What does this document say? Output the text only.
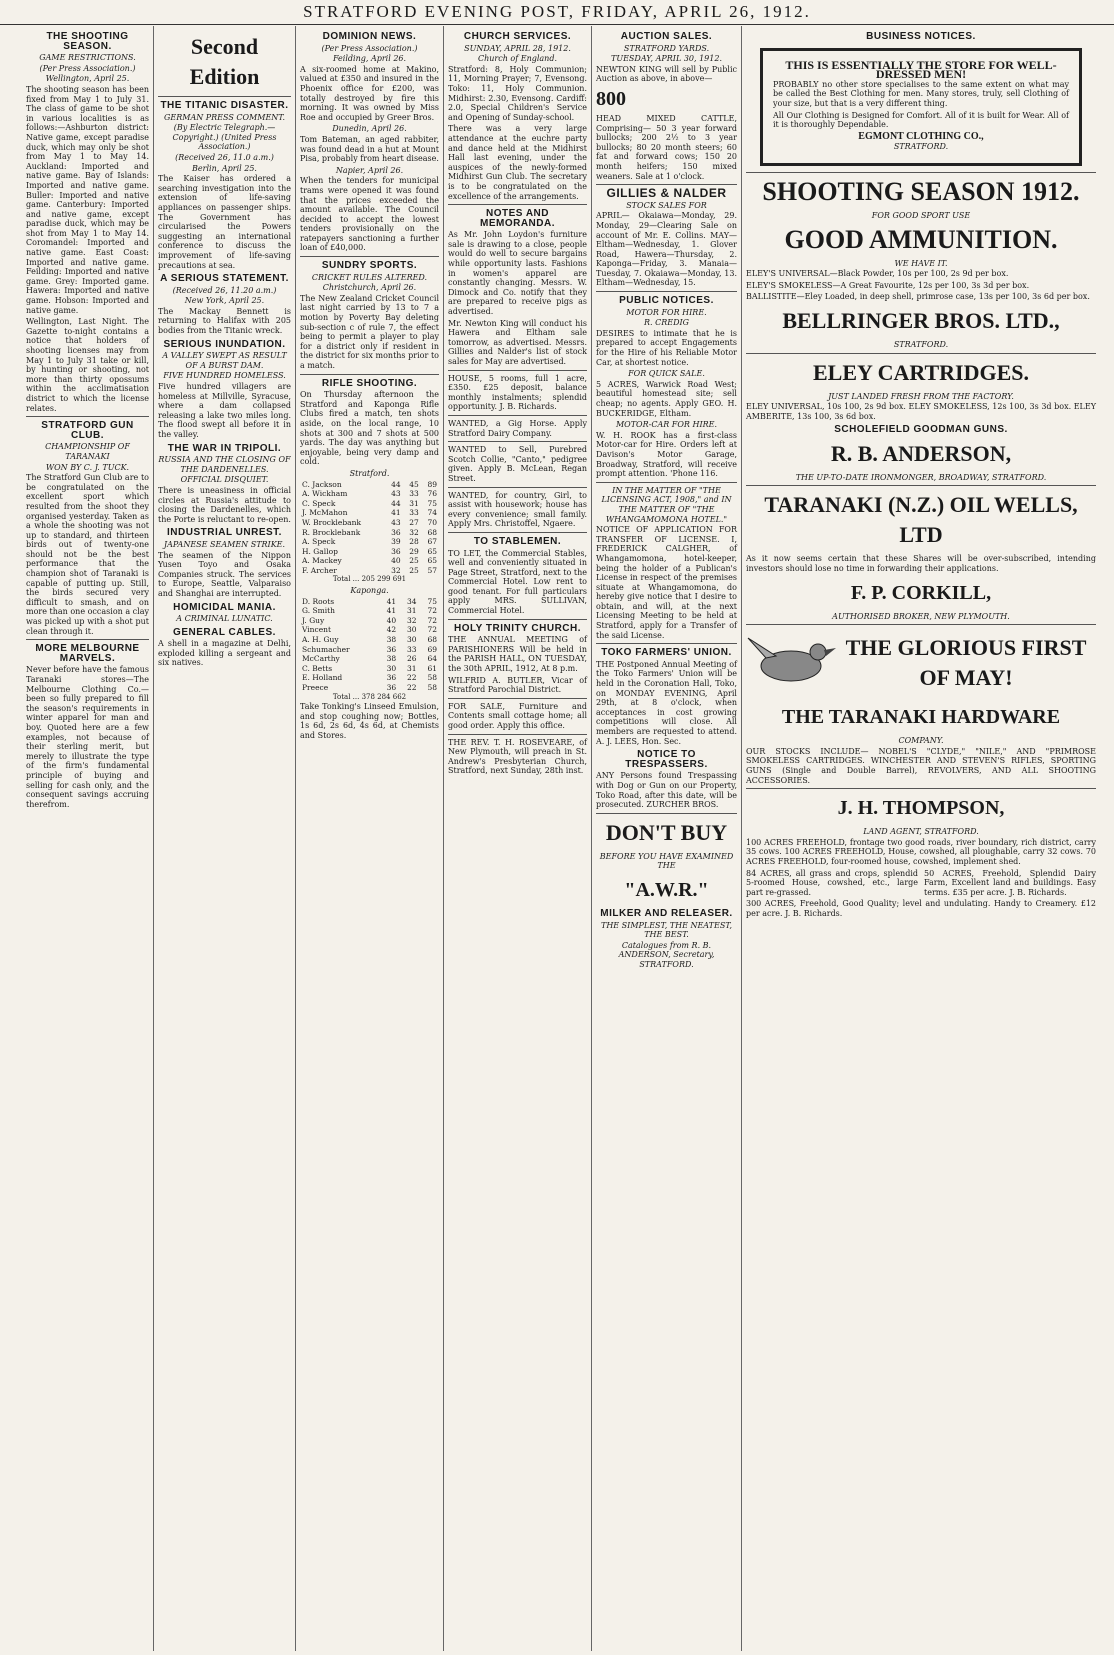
STRATFORD EVENING POST, FRIDAY, APRIL 26, 1912.
THE SHOOTING SEASON.
GAME RESTRICTIONS.
(Per Press Association.)
Wellington, April 25.

The shooting season has been fixed from May 1 to July 31. The class of game to be shot in various localities is as follows:—Ashburton district: Native game, except paradise duck, which may only be shot from May 1 to May 14. Auckland: Imported and native game. Bay of Islands: Imported and native game. Buller: Imported and native game. Canterbury: Imported and native game, except paradise duck, which may be shot from May 1 to May 14. Coromandel: Imported and native game. East Coast: Imported and native game. Feilding: Imported and native game. Grey: Imported game. Hawera: Imported and native game. Hobson: Imported and native game.

Wellington, Last Night. The Gazette to-night contains a notice that holders of shooting licenses may from May 1 to July 31 take or kill, by hunting or shooting, not more than thirty opossums within the acclimatisation district to which the license relates.

STRATFORD GUN CLUB.
CHAMPIONSHIP OF TARANAKI
WON BY C. J. TUCK.

The Stratford Gun Club are to be congratulated on the excellent sport which resulted from the shoot they organised yesterday. Taken as a whole the shooting was not up to standard, and thirteen birds out of twenty-one should not be the best performance that the champion shot of Taranaki is capable of putting up. Still, the birds secured very difficult to smash, and on more than one occasion a clay was picked up with a shot put clean through it.

MORE MELBOURNE MARVELS.

Never before have the famous Taranaki stores—The Melbourne Clothing Co.—been so fully prepared to fill the season's requirements in winter apparel for man and boy. Quoted here are a few examples, not because of their sterling merit, but merely to illustrate the type of the firm's fundamental principle of buying and selling for cash only, and the consequent savings accruing therefrom.

Second Edition
THE TITANIC DISASTER.
GERMAN PRESS COMMENT.
(By Electric Telegraph.—Copyright.) (United Press Association.)
(Received 26, 11.0 a.m.)
Berlin, April 25.

The Kaiser has ordered a searching investigation into the extension of life-saving appliances on passenger ships. The Government has circularised the Powers suggesting an international conference to discuss the improvement of life-saving precautions at sea.

A SERIOUS STATEMENT.
(Received 26, 11.20 a.m.)
New York, April 25.

The Mackay Bennett is returning to Halifax with 205 bodies from the Titanic wreck.

SERIOUS INUNDATION.
A VALLEY SWEPT AS RESULT OF A BURST DAM.
FIVE HUNDRED HOMELESS.

Five hundred villagers are homeless at Millville, Syracuse, where a dam collapsed releasing a lake two miles long. The flood swept all before it in the valley.

THE WAR IN TRIPOLI.
RUSSIA AND THE CLOSING OF THE DARDENELLES.
OFFICIAL DISQUIET.

There is uneasiness in official circles at Russia's attitude to closing the Dardenelles, which the Porte is reluctant to re-open.

INDUSTRIAL UNREST.
JAPANESE SEAMEN STRIKE.

The seamen of the Nippon Yusen Toyo and Osaka Companies struck. The services to Europe, Seattle, Valparaiso and Shanghai are interrupted.

HOMICIDAL MANIA.
A CRIMINAL LUNATIC.
GENERAL CABLES.

A shell in a magazine at Delhi, exploded killing a sergeant and six natives.

DOMINION NEWS.
(Per Press Association.)
Feilding, April 26.

A six-roomed home at Makino, valued at £350 and insured in the Phoenix office for £200, was totally destroyed by fire this morning. It was owned by Miss Roe and occupied by Greer Bros.

Dunedin, April 26.

Tom Bateman, an aged rabbiter, was found dead in a hut at Mount Pisa, probably from heart disease.

Napier, April 26.

When the tenders for municipal trams were opened it was found that the prices exceeded the amount available. The Council decided to accept the lowest tenders provisionally on the ratepayers sanctioning a further loan of £40,000.

SUNDRY SPORTS.
CRICKET RULES ALTERED.
Christchurch, April 26.

The New Zealand Cricket Council last night carried by 13 to 7 a motion by Poverty Bay deleting sub-section c of rule 7, the effect being to permit a player to play for a district only if resident in the district for six months prior to a match.

RIFLE SHOOTING.

On Thursday afternoon the Stratford and Kaponga Rifle Clubs fired a match, ten shots aside, on the local range, 10 shots at 300 and 7 shots at 500 yards. The day was anything but enjoyable, being very damp and cold.

Stratford.
C. Jackson	44	45	89
A. Wickham	43	33	76
C. Speck	44	31	75
J. McMahon	41	33	74
W. Brocklebank	43	27	70
R. Brocklebank	36	32	68
A. Speck	39	28	67
H. Gallop	36	29	65
A. Mackey	40	25	65
F. Archer	32	25	57
Total ... 205 299 691
Kaponga.
D. Roots	41	34	75
G. Smith	41	31	72
J. Guy	40	32	72
Vincent	42	30	72
A. H. Guy	38	30	68
Schumacher	36	33	69
McCarthy	38	26	64
C. Betts	30	31	61
E. Holland	36	22	58
Preece	36	22	58
Total ... 378 284 662

Take Tonking's Linseed Emulsion, and stop coughing now; Bottles, 1s 6d, 2s 6d, 4s 6d, at Chemists and Stores.

CHURCH SERVICES.
SUNDAY, APRIL 28, 1912.
Church of England.

Stratford: 8, Holy Communion; 11, Morning Prayer; 7, Evensong. Toko: 11, Holy Communion. Midhirst: 2.30, Evensong. Cardiff: 2.0, Special Children's Service and Opening of Sunday-school.

There was a very large attendance at the euchre party and dance held at the Midhirst Hall last evening, under the auspices of the newly-formed Midhirst Gun Club. The secretary is to be congratulated on the excellence of the arrangements.

NOTES AND MEMORANDA.

As Mr. John Loydon's furniture sale is drawing to a close, people would do well to secure bargains while opportunity lasts. Fashions in women's apparel are constantly changing. Messrs. W. Dimock and Co. notify that they are prepared to receive pigs as advertised.

Mr. Newton King will conduct his Hawera and Eltham sale tomorrow, as advertised. Messrs. Gillies and Nalder's list of stock sales for May are advertised.

HOUSE, 5 rooms, full 1 acre, £350. £25 deposit, balance monthly instalments; splendid opportunity. J. B. Richards.

WANTED, a Gig Horse. Apply Stratford Dairy Company.

WANTED to Sell, Purebred Scotch Collie, "Canto," pedigree given. Apply B. McLean, Regan Street.

WANTED, for country, Girl, to assist with housework; house has every convenience; small family. Apply Mrs. Christoffel, Ngaere.

TO STABLEMEN.

TO LET, the Commercial Stables, well and conveniently situated in Page Street, Stratford, next to the Commercial Hotel. Low rent to good tenant. For full particulars apply MRS. SULLIVAN, Commercial Hotel.

HOLY TRINITY CHURCH.

THE ANNUAL MEETING of PARISHIONERS Will be held in the PARISH HALL, ON TUESDAY, the 30th APRIL, 1912, At 8 p.m.

WILFRID A. BUTLER, Vicar of Stratford Parochial District.

FOR SALE, Furniture and Contents small cottage home; all good order. Apply this office.

THE REV. T. H. ROSEVEARE, of New Plymouth, will preach in St. Andrew's Presbyterian Church, Stratford, next Sunday, 28th inst.

AUCTION SALES.
STRATFORD YARDS.
TUESDAY, APRIL 30, 1912.

NEWTON KING will sell by Public Auction as above, in above—

800

HEAD MIXED CATTLE, Comprising— 50 3 year forward bullocks; 200 2½ to 3 year bullocks; 80 20 month steers; 60 fat and forward cows; 150 20 month heifers; 150 mixed weaners. Sale at 1 o'clock.

GILLIES & NALDER
STOCK SALES FOR

APRIL— Okaiawa—Monday, 29. Monday, 29—Clearing Sale on account of Mr. E. Collins. MAY— Eltham—Wednesday, 1. Glover Road, Hawera—Thursday, 2. Kaponga—Friday, 3. Manaia—Tuesday, 7. Okaiawa—Monday, 13. Eltham—Wednesday, 15.

PUBLIC NOTICES.
MOTOR FOR HIRE.
R. CREDIG

DESIRES to intimate that he is prepared to accept Engagements for the Hire of his Reliable Motor Car, at shortest notice.

FOR QUICK SALE.

5 ACRES, Warwick Road West; beautiful homestead site; sell cheap; no agents. Apply GEO. H. BUCKERIDGE, Eltham.

MOTOR-CAR FOR HIRE.

W. H. ROOK has a first-class Motor-car for Hire. Orders left at Davison's Motor Garage, Broadway, Stratford, will receive prompt attention. 'Phone 116.

IN THE MATTER OF "THE LICENSING ACT, 1908," and IN THE MATTER OF "THE WHANGAMOMONA HOTEL."

NOTICE OF APPLICATION FOR TRANSFER OF LICENSE. I, FREDERICK CALGHER, of Whangamomona, hotel-keeper, being the holder of a Publican's License in respect of the premises situate at Whangamomona, do hereby give notice that I desire to obtain, and will, at the next Licensing Meeting to be held at Stratford, apply for a Transfer of the said License.

TOKO FARMERS' UNION.

THE Postponed Annual Meeting of the Toko Farmers' Union will be held in the Coronation Hall, Toko, on MONDAY EVENING, April 29th, at 8 o'clock, when acceptances in cost growing competitions will close. All members are requested to attend. A. J. LEES, Hon. Sec.

NOTICE TO TRESPASSERS.

ANY Persons found Trespassing with Dog or Gun on our Property, Toko Road, after this date, will be prosecuted. ZURCHER BROS.

DON'T BUY
BEFORE YOU HAVE EXAMINED THE
"A.W.R."
MILKER AND RELEASER.
THE SIMPLEST, THE NEATEST, THE BEST.
Catalogues from R. B. ANDERSON, Secretary, STRATFORD.
BUSINESS NOTICES.
THIS IS ESSENTIALLY THE STORE FOR WELL-DRESSED MEN!

PROBABLY no other store specialises to the same extent on what may be called the Best Clothing for men. Many stores, truly, sell Clothing of your size, but that is a very different thing.

All Our Clothing is Designed for Comfort. All of it is built for Wear. All of it is thoroughly Dependable.

EGMONT CLOTHING CO.,
STRATFORD.
SHOOTING SEASON 1912.
FOR GOOD SPORT USE
GOOD AMMUNITION.
WE HAVE IT.

ELEY'S UNIVERSAL—Black Powder, 10s per 100, 2s 9d per box.

ELEY'S SMOKELESS—A Great Favourite, 12s per 100, 3s 3d per box.

BALLISTITE—Eley Loaded, in deep shell, primrose case, 13s per 100, 3s 6d per box.

BELLRINGER BROS. LTD.,
STRATFORD.
ELEY CARTRIDGES.
JUST LANDED FRESH FROM THE FACTORY.

ELEY UNIVERSAL, 10s 100, 2s 9d box. ELEY SMOKELESS, 12s 100, 3s 3d box. ELEY AMBERITE, 13s 100, 3s 6d box.

SCHOLEFIELD GOODMAN GUNS.
R. B. ANDERSON,
THE UP-TO-DATE IRONMONGER, BROADWAY, STRATFORD.
TARANAKI (N.Z.) OIL WELLS, LTD

As it now seems certain that these Shares will be over-subscribed, intending investors should lose no time in forwarding their applications.

F. P. CORKILL,
AUTHORISED BROKER, NEW PLYMOUTH.
THE GLORIOUS FIRST OF MAY!
THE TARANAKI HARDWARE
COMPANY.

OUR STOCKS INCLUDE— NOBEL'S "CLYDE," "NILE," AND "PRIMROSE SMOKELESS CARTRIDGES. WINCHESTER AND STEVEN'S RIFLES, SPORTING GUNS (Single and Double Barrel), REVOLVERS, AND ALL SHOOTING ACCESSORIES.

J. H. THOMPSON,
LAND AGENT, STRATFORD.

100 ACRES FREEHOLD, frontage two good roads, river boundary, rich district, carry 35 cows. 100 ACRES FREEHOLD, House, cowshed, all ploughable, carry 32 cows. 70 ACRES FREEHOLD, four-roomed house, cowshed, implement shed.

84 ACRES, all grass and crops, splendid 5-roomed House, cowshed, etc., large part re-grassed.

50 ACRES, Freehold, Splendid Dairy Farm, Excellent land and buildings. Easy terms. £35 per acre. J. B. Richards.

300 ACRES, Freehold, Good Quality; level and undulating. Handy to Creamery. £12 per acre. J. B. Richards.
